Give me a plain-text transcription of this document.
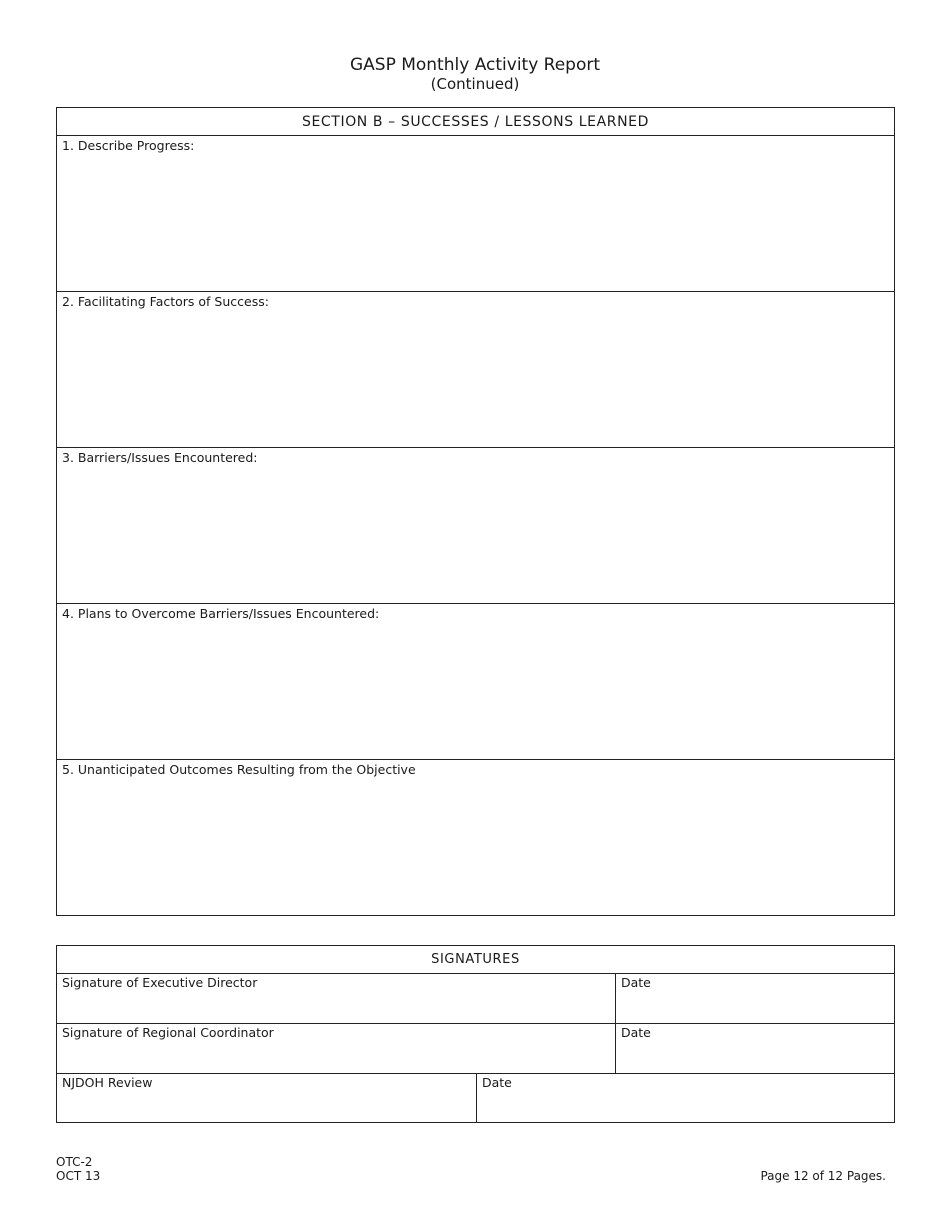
GASP Monthly Activity Report
(Continued)
SECTION B – SUCCESSES / LESSONS LEARNED
1. Describe Progress:
2. Facilitating Factors of Success:
3. Barriers/Issues Encountered:
4. Plans to Overcome Barriers/Issues Encountered:
5. Unanticipated Outcomes Resulting from the Objective
SIGNATURES
Signature of Executive Director	Date
Signature of Regional Coordinator	Date
NJDOH Review	Date
OTC-2
OCT 13	Page 12 of 12 Pages.
